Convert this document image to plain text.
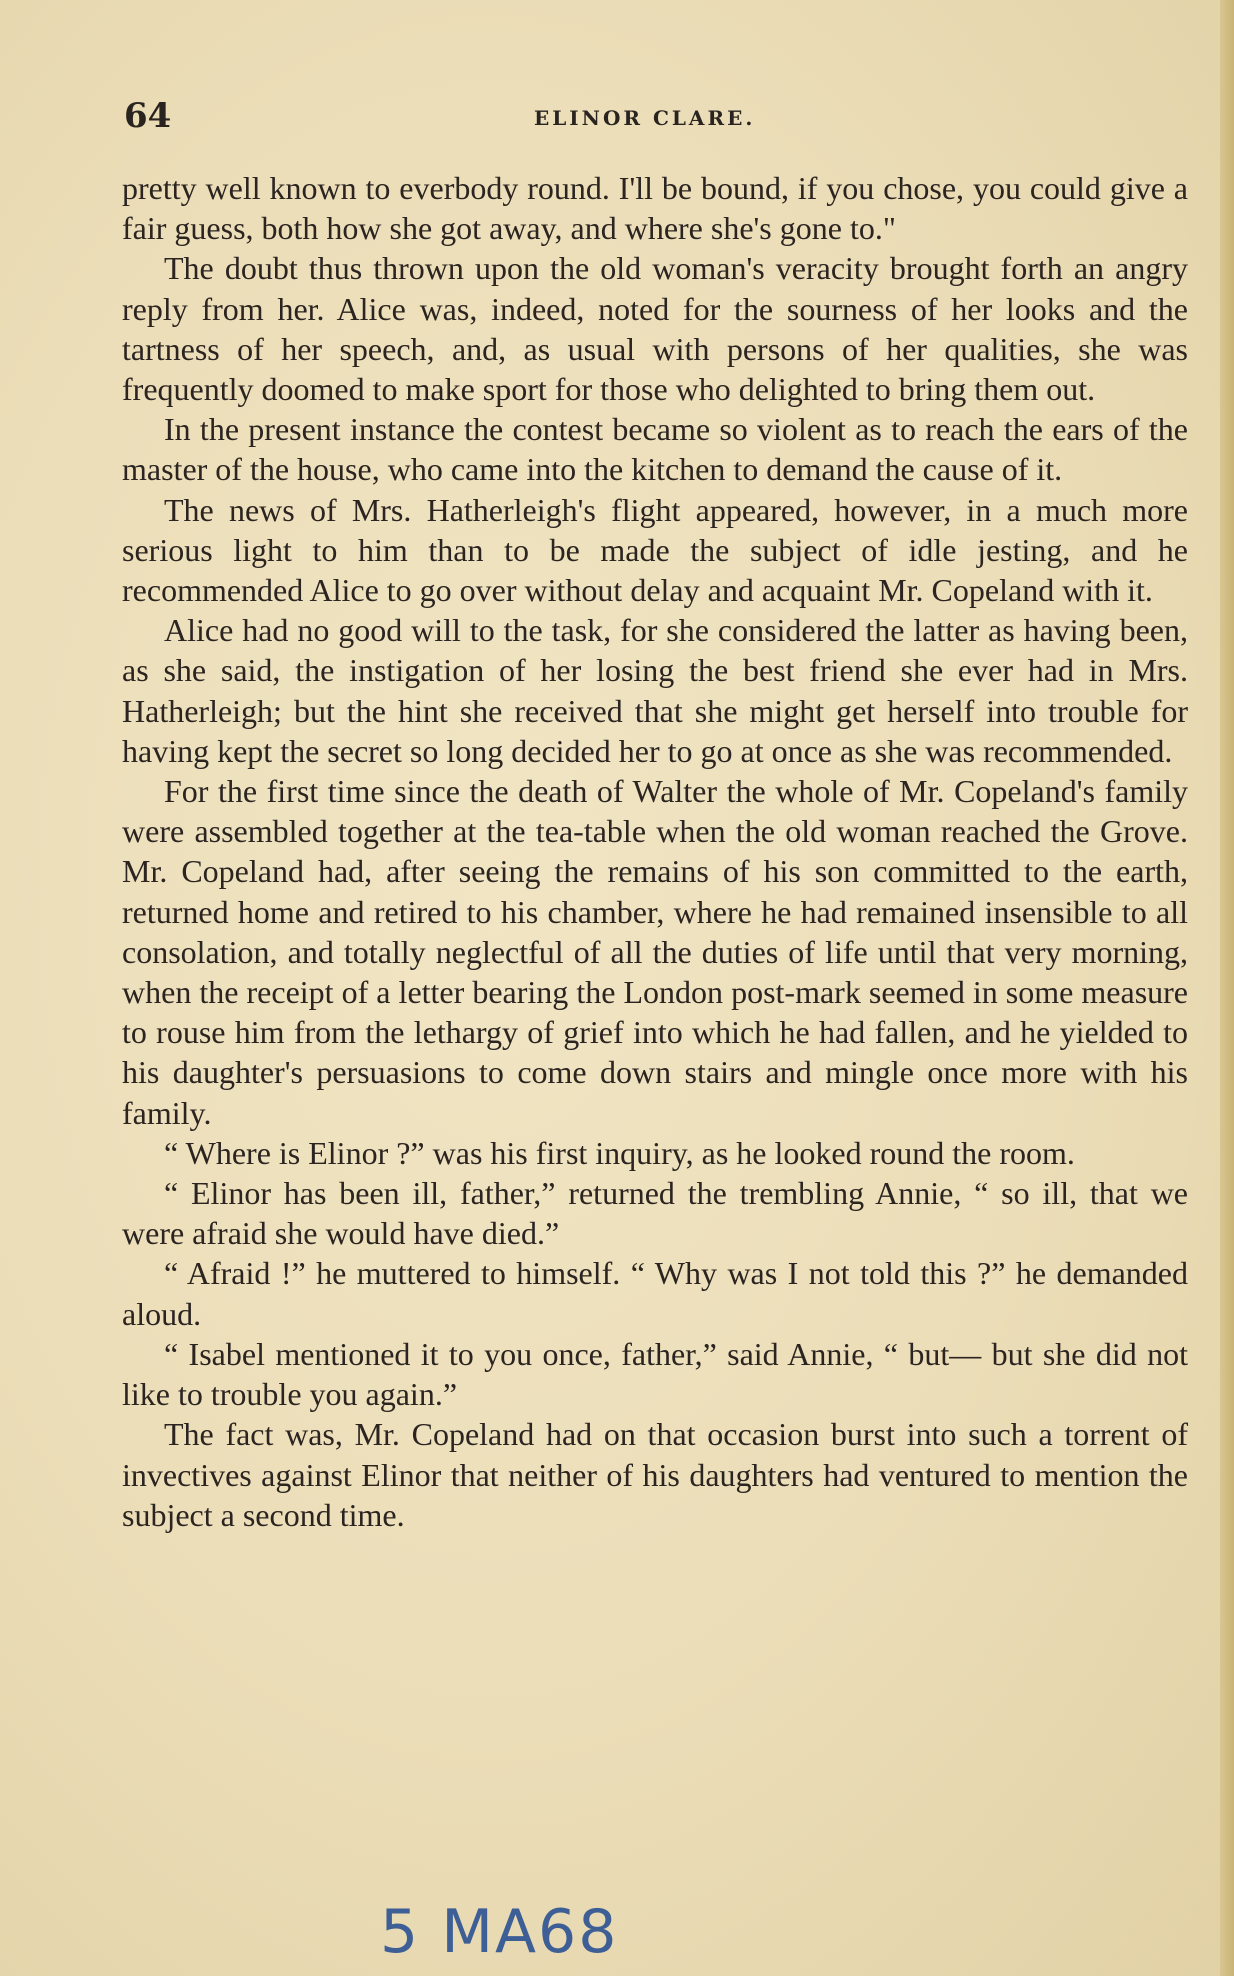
64	ELINOR CLARE.

pretty well known to everbody round. I'll be bound, if you chose, you could give a fair guess, both how she got away, and where she's gone to."

The doubt thus thrown upon the old woman's veracity brought forth an angry reply from her. Alice was, indeed, noted for the sourness of her looks and the tartness of her speech, and, as usual with persons of her qualities, she was frequently doomed to make sport for those who delighted to bring them out.

In the present instance the contest became so violent as to reach the ears of the master of the house, who came into the kitchen to demand the cause of it.

The news of Mrs. Hatherleigh's flight appeared, however, in a much more serious light to him than to be made the subject of idle jesting, and he recommended Alice to go over without delay and acquaint Mr. Copeland with it.

Alice had no good will to the task, for she considered the latter as having been, as she said, the instigation of her losing the best friend she ever had in Mrs. Hatherleigh; but the hint she received that she might get herself into trouble for having kept the secret so long decided her to go at once as she was recommended.

For the first time since the death of Walter the whole of Mr. Copeland's family were assembled together at the tea-table when the old woman reached the Grove. Mr. Copeland had, after seeing the remains of his son committed to the earth, returned home and retired to his chamber, where he had remained insensible to all consolation, and totally neglectful of all the duties of life until that very morning, when the receipt of a letter bearing the London post-mark seemed in some measure to rouse him from the lethargy of grief into which he had fallen, and he yielded to his daughter's persuasions to come down stairs and mingle once more with his family.

“ Where is Elinor ?” was his first inquiry, as he looked round the room.

“ Elinor has been ill, father,” returned the trembling Annie, “ so ill, that we were afraid she would have died.”

“ Afraid !” he muttered to himself. “ Why was I not told this ?” he demanded aloud.

“ Isabel mentioned it to you once, father,” said Annie, “ but— but she did not like to trouble you again.”

The fact was, Mr. Copeland had on that occasion burst into such a torrent of invectives against Elinor that neither of his daughters had ventured to mention the subject a second time.

5 MA68
